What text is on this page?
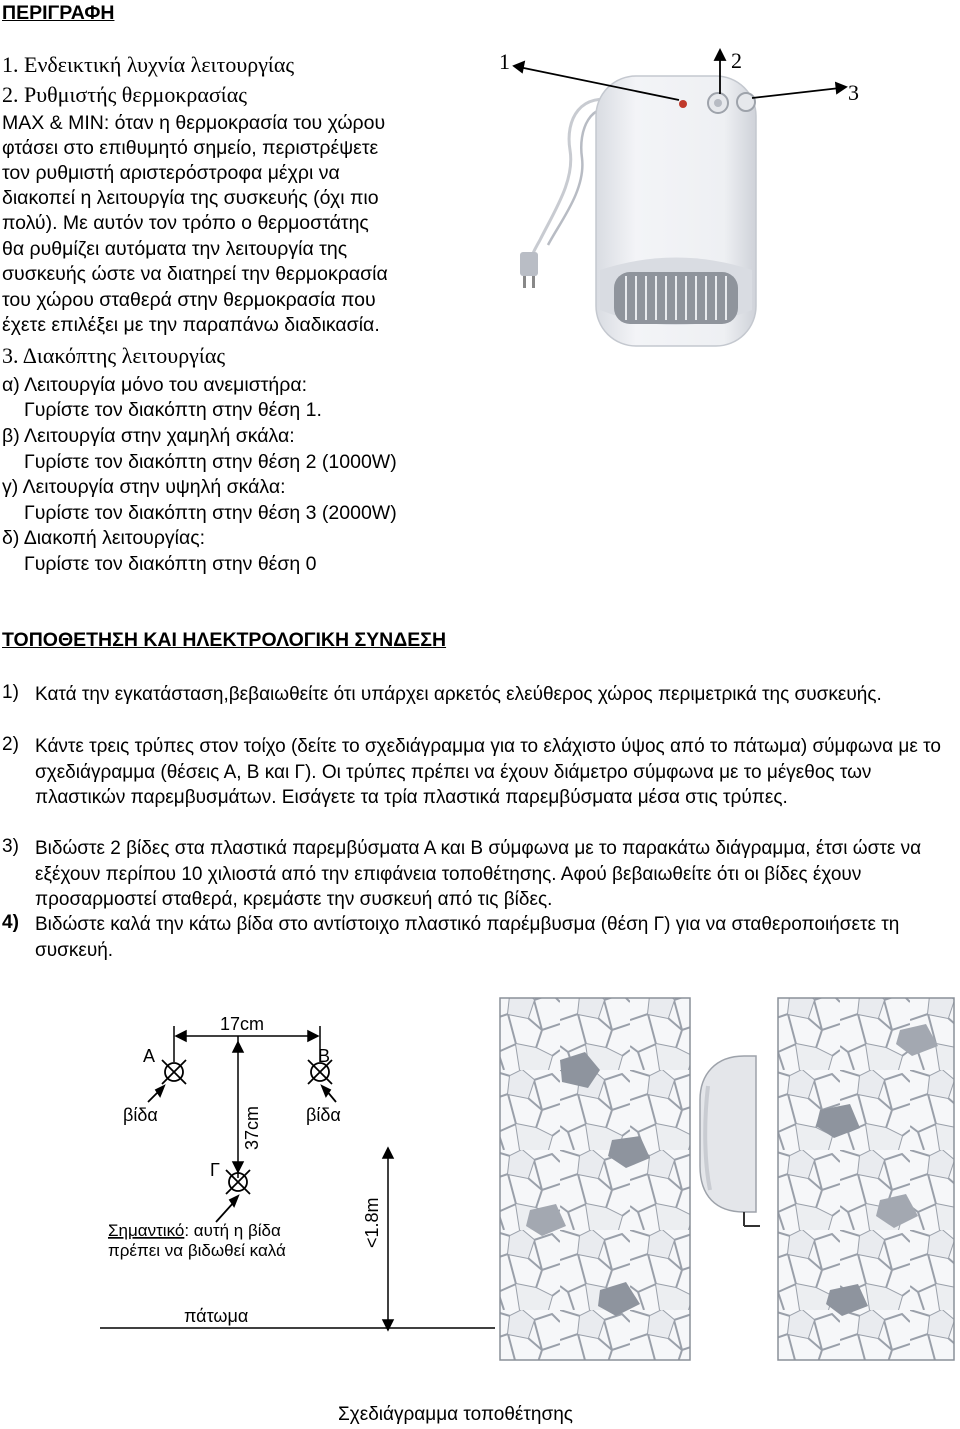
ΠΕΡΙΓΡΑΦΗ
1. Ενδεικτική λυχνία λειτουργίας
2. Ρυθμιστής θερμοκρασίας
MAX & MIN: όταν η θερμοκρασία του χώρου
φτάσει στο επιθυμητό σημείο, περιστρέψετε
τον ρυθμιστή αριστερόστροφα μέχρι να
διακοπεί η λειτουργία της συσκευής (όχι πιο
πολύ). Με αυτόν τον τρόπο ο θερμοστάτης
θα ρυθμίζει αυτόματα την λειτουργία της
συσκευής ώστε να διατηρεί την θερμοκρασία
του χώρου σταθερά στην θερμοκρασία που
έχετε επιλέξει με την παραπάνω διαδικασία.
3. Διακόπτης λειτουργίας
α) Λειτουργία μόνο του ανεμιστήρα:
Γυρίστε τον διακόπτη στην θέση 1.
β) Λειτουργία στην χαμηλή σκάλα:
Γυρίστε τον διακόπτη στην θέση 2 (1000W)
γ) Λειτουργία στην υψηλή σκάλα:
Γυρίστε τον διακόπτη στην θέση 3 (2000W)
δ) Διακοπή λειτουργίας:
Γυρίστε τον διακόπτη στην θέση 0
1	2
3
ΤΟΠΟΘΕΤΗΣΗ ΚΑΙ ΗΛΕΚΤΡΟΛΟΓΙΚΗ ΣΥΝΔΕΣΗ
1) Κατά την εγκατάσταση,βεβαιωθείτε ότι υπάρχει αρκετός ελεύθερος χώρος περιμετρικά της συσκευής.
2) Κάντε τρεις τρύπες στον τοίχο (δείτε το σχεδιάγραμμα για το ελάχιστο ύψος από το πάτωμα) σύμφωνα με το σχεδιάγραμμα (θέσεις Α, Β και Γ). Οι τρύπες πρέπει να έχουν διάμετρο σύμφωνα με το μέγεθος των πλαστικών παρεμβυσμάτων. Εισάγετε τα τρία πλαστικά παρεμβύσματα μέσα στις τρύπες.
3) Βιδώστε 2 βίδες στα πλαστικά παρεμβύσματα Α και Β σύμφωνα με το παρακάτω διάγραμμα, έτσι ώστε να εξέχουν περίπου 10 χιλιοστά από την επιφάνεια τοποθέτησης. Αφού βεβαιωθείτε ότι οι βίδες έχουν προσαρμοστεί σταθερά, κρεμάστε την συσκευή από τις βίδες.
4) Βιδώστε καλά την κάτω βίδα στο αντίστοιχο πλαστικό παρέμβυσμα (θέση Γ) για να σταθεροποιήσετε τη συσκευή.
17cm
Α
βίδα
Β
βίδα
37cm
Γ
Σημαντικό: αυτή η βίδα
πρέπει να βιδωθεί καλά
<1.8m
πάτωμα
Σχεδιάγραμμα τοποθέτησης
